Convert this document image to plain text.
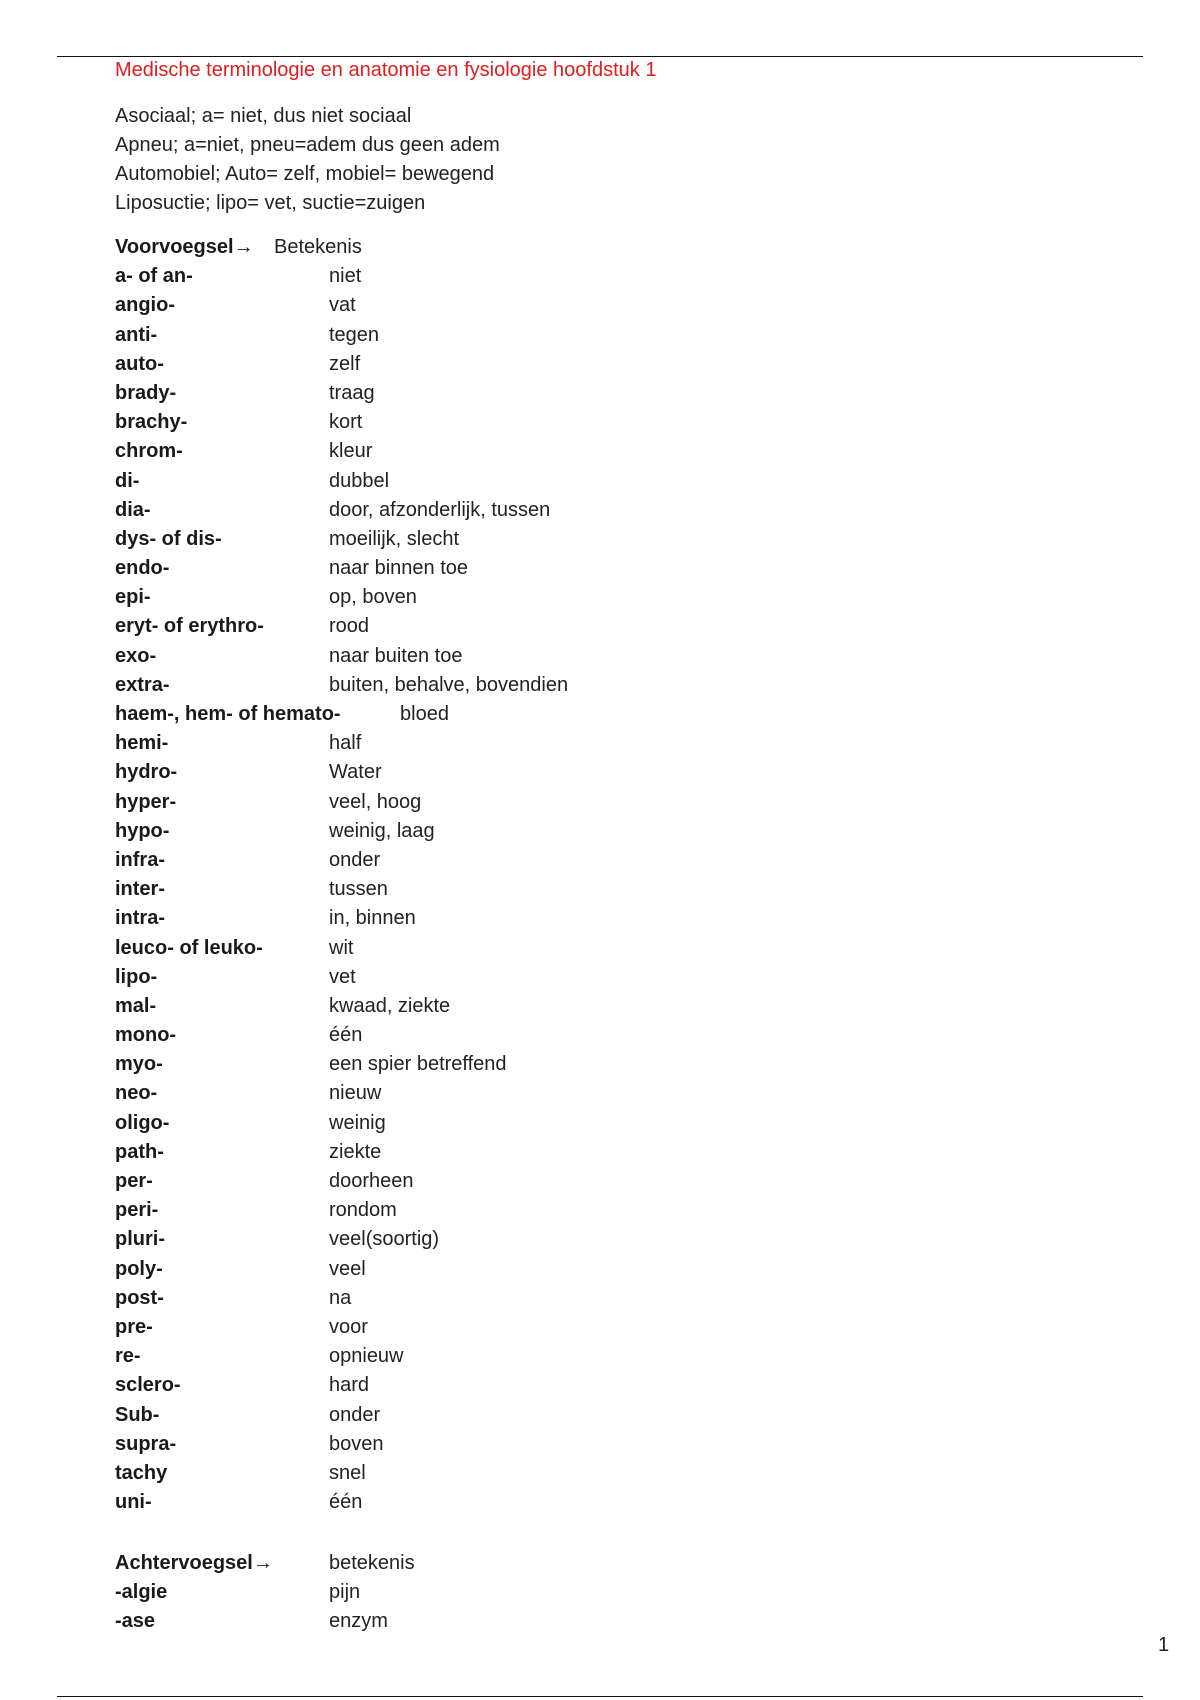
Medische terminologie en anatomie en fysiologie hoofdstuk 1
Asociaal; a= niet, dus niet sociaal
Apneu; a=niet, pneu=adem dus geen adem
Automobiel; Auto= zelf, mobiel= bewegend
Liposuctie; lipo= vet, suctie=zuigen
Voorvoegsel→ Betekenis
a- of an-	niet
angio-	vat
anti-	tegen
auto-	zelf
brady-	traag
brachy-	kort
chrom-	kleur
di-	dubbel
dia-	door, afzonderlijk, tussen
dys- of dis-	moeilijk, slecht
endo-	naar binnen toe
epi-	op, boven
eryt- of erythro-	rood
exo-	naar buiten toe
extra-	buiten, behalve, bovendien
haem-, hem- of hemato-	bloed
hemi-	half
hydro-	Water
hyper-	veel, hoog
hypo-	weinig, laag
infra-	onder
inter-	tussen
intra-	in, binnen
leuco- of leuko-	wit
lipo-	vet
mal-	kwaad, ziekte
mono-	één
myo-	een spier betreffend
neo-	nieuw
oligo-	weinig
path-	ziekte
per-	doorheen
peri-	rondom
pluri-	veel(soortig)
poly-	veel
post-	na
pre-	voor
re-	opnieuw
sclero-	hard
Sub-	onder
supra-	boven
tachy	snel
uni-	één
Achtervoegsel→	betekenis
-algie	pijn
-ase	enzym
1
